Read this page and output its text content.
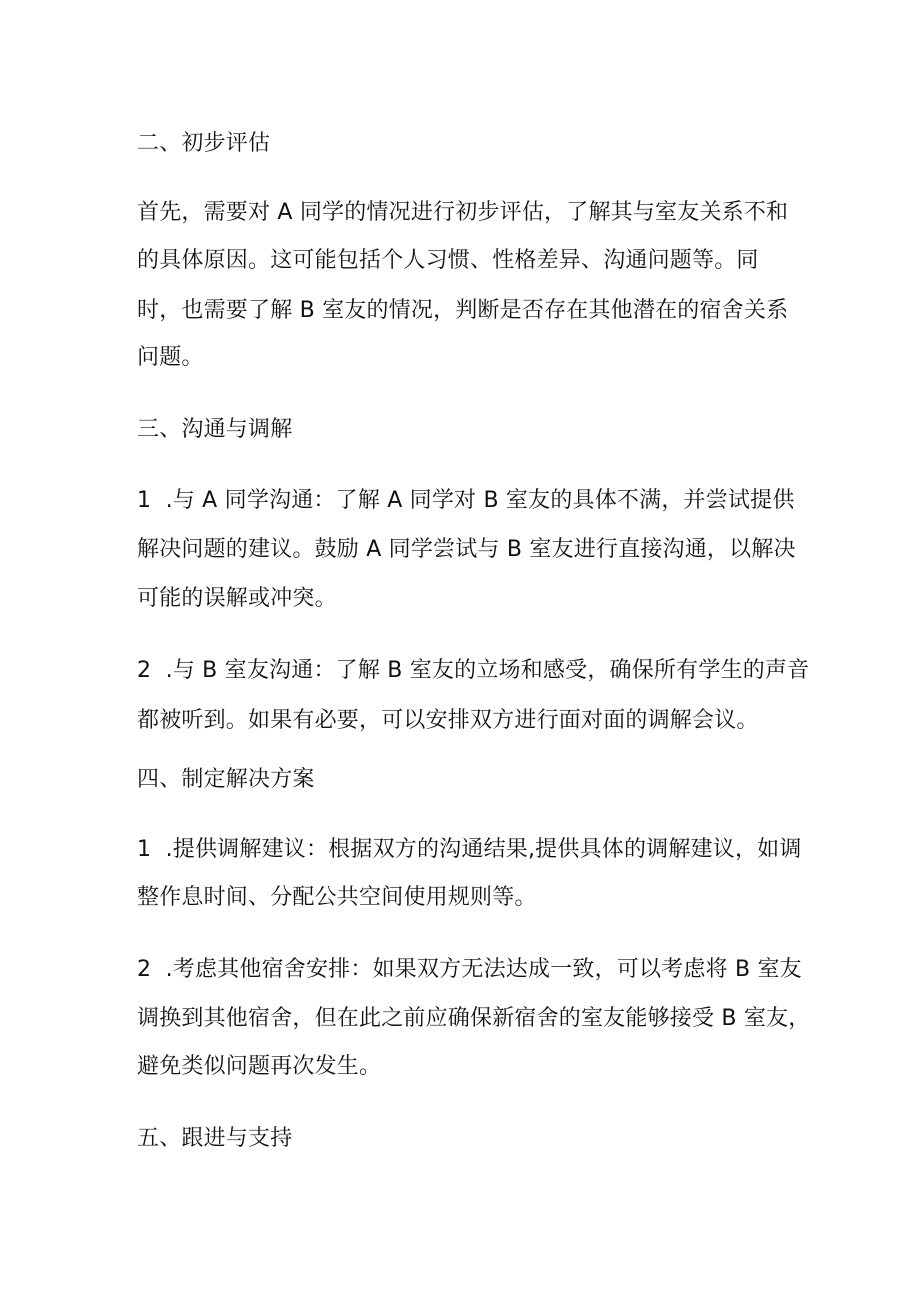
二、初步评估

首先，需要对 A 同学的情况进行初步评估，了解其与室友关系不和

的具体原因。这可能包括个人习惯、性格差异、沟通问题等。同

时，也需要了解 B 室友的情况，判断是否存在其他潜在的宿舍关系

问题。

三、沟通与调解

1  .与 A 同学沟通：了解 A 同学对 B 室友的具体不满，并尝试提供

解决问题的建议。鼓励 A 同学尝试与 B 室友进行直接沟通，以解决

可能的误解或冲突。

2  .与 B 室友沟通：了解 B 室友的立场和感受，确保所有学生的声音

都被听到。如果有必要，可以安排双方进行面对面的调解会议。

四、制定解决方案

1  .提供调解建议：根据双方的沟通结果,提供具体的调解建议，如调

整作息时间、分配公共空间使用规则等。

2  .考虑其他宿舍安排：如果双方无法达成一致，可以考虑将 B 室友

调换到其他宿舍，但在此之前应确保新宿舍的室友能够接受 B 室友，

避免类似问题再次发生。

五、跟进与支持
